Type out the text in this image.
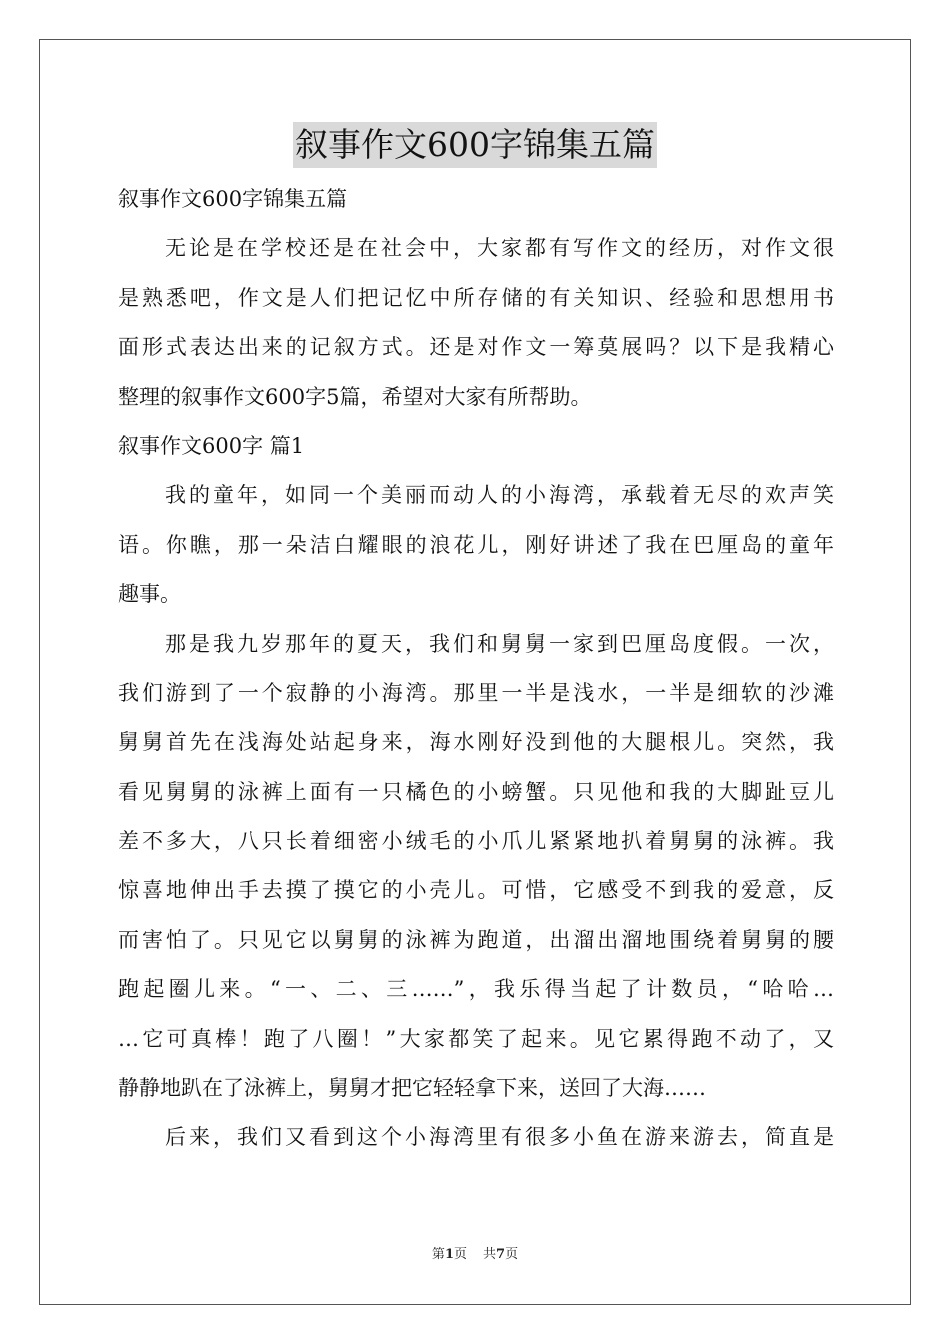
叙事作文600字锦集五篇
叙事作文600字锦集五篇
无论是在学校还是在社会中，大家都有写作文的经历，对作文很
是熟悉吧，作文是人们把记忆中所存储的有关知识、经验和思想用书
面形式表达出来的记叙方式。还是对作文一筹莫展吗？以下是我精心
整理的叙事作文600字5篇，希望对大家有所帮助。
叙事作文600字 篇1
我的童年，如同一个美丽而动人的小海湾，承载着无尽的欢声笑
语。你瞧，那一朵洁白耀眼的浪花儿，刚好讲述了我在巴厘岛的童年
趣事。
那是我九岁那年的夏天，我们和舅舅一家到巴厘岛度假。一次，
我们游到了一个寂静的小海湾。那里一半是浅水，一半是细软的沙滩
舅舅首先在浅海处站起身来，海水刚好没到他的大腿根儿。突然，我
看见舅舅的泳裤上面有一只橘色的小螃蟹。只见他和我的大脚趾豆儿
差不多大，八只长着细密小绒毛的小爪儿紧紧地扒着舅舅的泳裤。我
惊喜地伸出手去摸了摸它的小壳儿。可惜，它感受不到我的爱意，反
而害怕了。只见它以舅舅的泳裤为跑道，出溜出溜地围绕着舅舅的腰
跑起圈儿来。“一、二、三……”，我乐得当起了计数员，“哈哈…
…它可真棒！跑了八圈！”大家都笑了起来。见它累得跑不动了，又
静静地趴在了泳裤上，舅舅才把它轻轻拿下来，送回了大海……
后来，我们又看到这个小海湾里有很多小鱼在游来游去，简直是
第1页 共7页
